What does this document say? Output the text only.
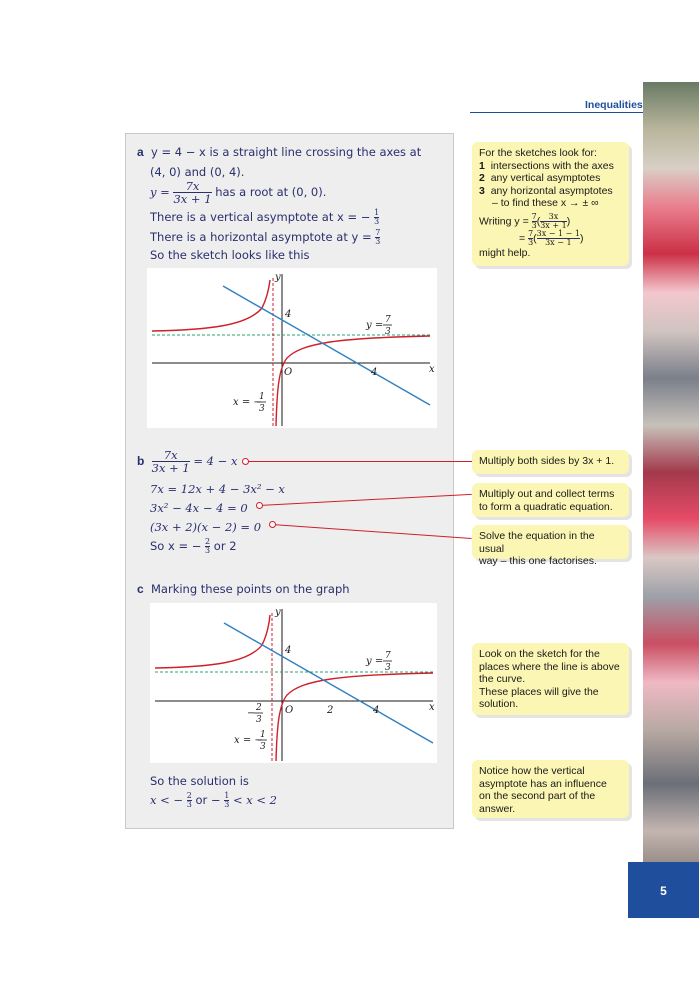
Inequalities
5
a y = 4 − x is a straight line crossing the axes at
(4, 0) and (0, 4).
$y = \frac{7x}{3x + 1}$ has a root at (0, 0).
There is a vertical asymptote at x = − $\frac{1}{3}$
There is a horizontal asymptote at $y = \frac{7}{3}$
So the sketch looks like this
y
x
O
4
4
y = 7
3
x = −
1
3
b $\frac{7x}{3x + 1} = 4 - x$
7x = 12x + 4 − 3x² − x
3x² − 4x − 4 = 0
(3x + 2)(x − 2) = 0
So x = − $\frac{2}{3}$ or 2
c Marking these points on the graph
y
x
O
4
2	4
− 2
3
y = 7
3
x = −
1
3
So the solution is
x < − $\frac{2}{3}$ or − $\frac{1}{3} < x < 2$
For the sketches look for:
1 intersections with the axes
2 any vertical asymptotes
3 any horizontal asymptotes
– to find these x → ± ∞
Writing $y = \frac{7}{3}$ ( $\frac{3x}{3x + 1}$ )
= $\frac{7}{3}$ ( $\frac{3x - 1 - 1}{3x - 1}$ )
might help.
Multiply both sides by 3x + 1.
Multiply out and collect terms
to form a quadratic equation.
Solve the equation in the usual
way – this one factorises.
Look on the sketch for the
places where the line is above
the curve.
These places will give the
solution.
Notice how the vertical
asymptote has an influence
on the second part of the
answer.
